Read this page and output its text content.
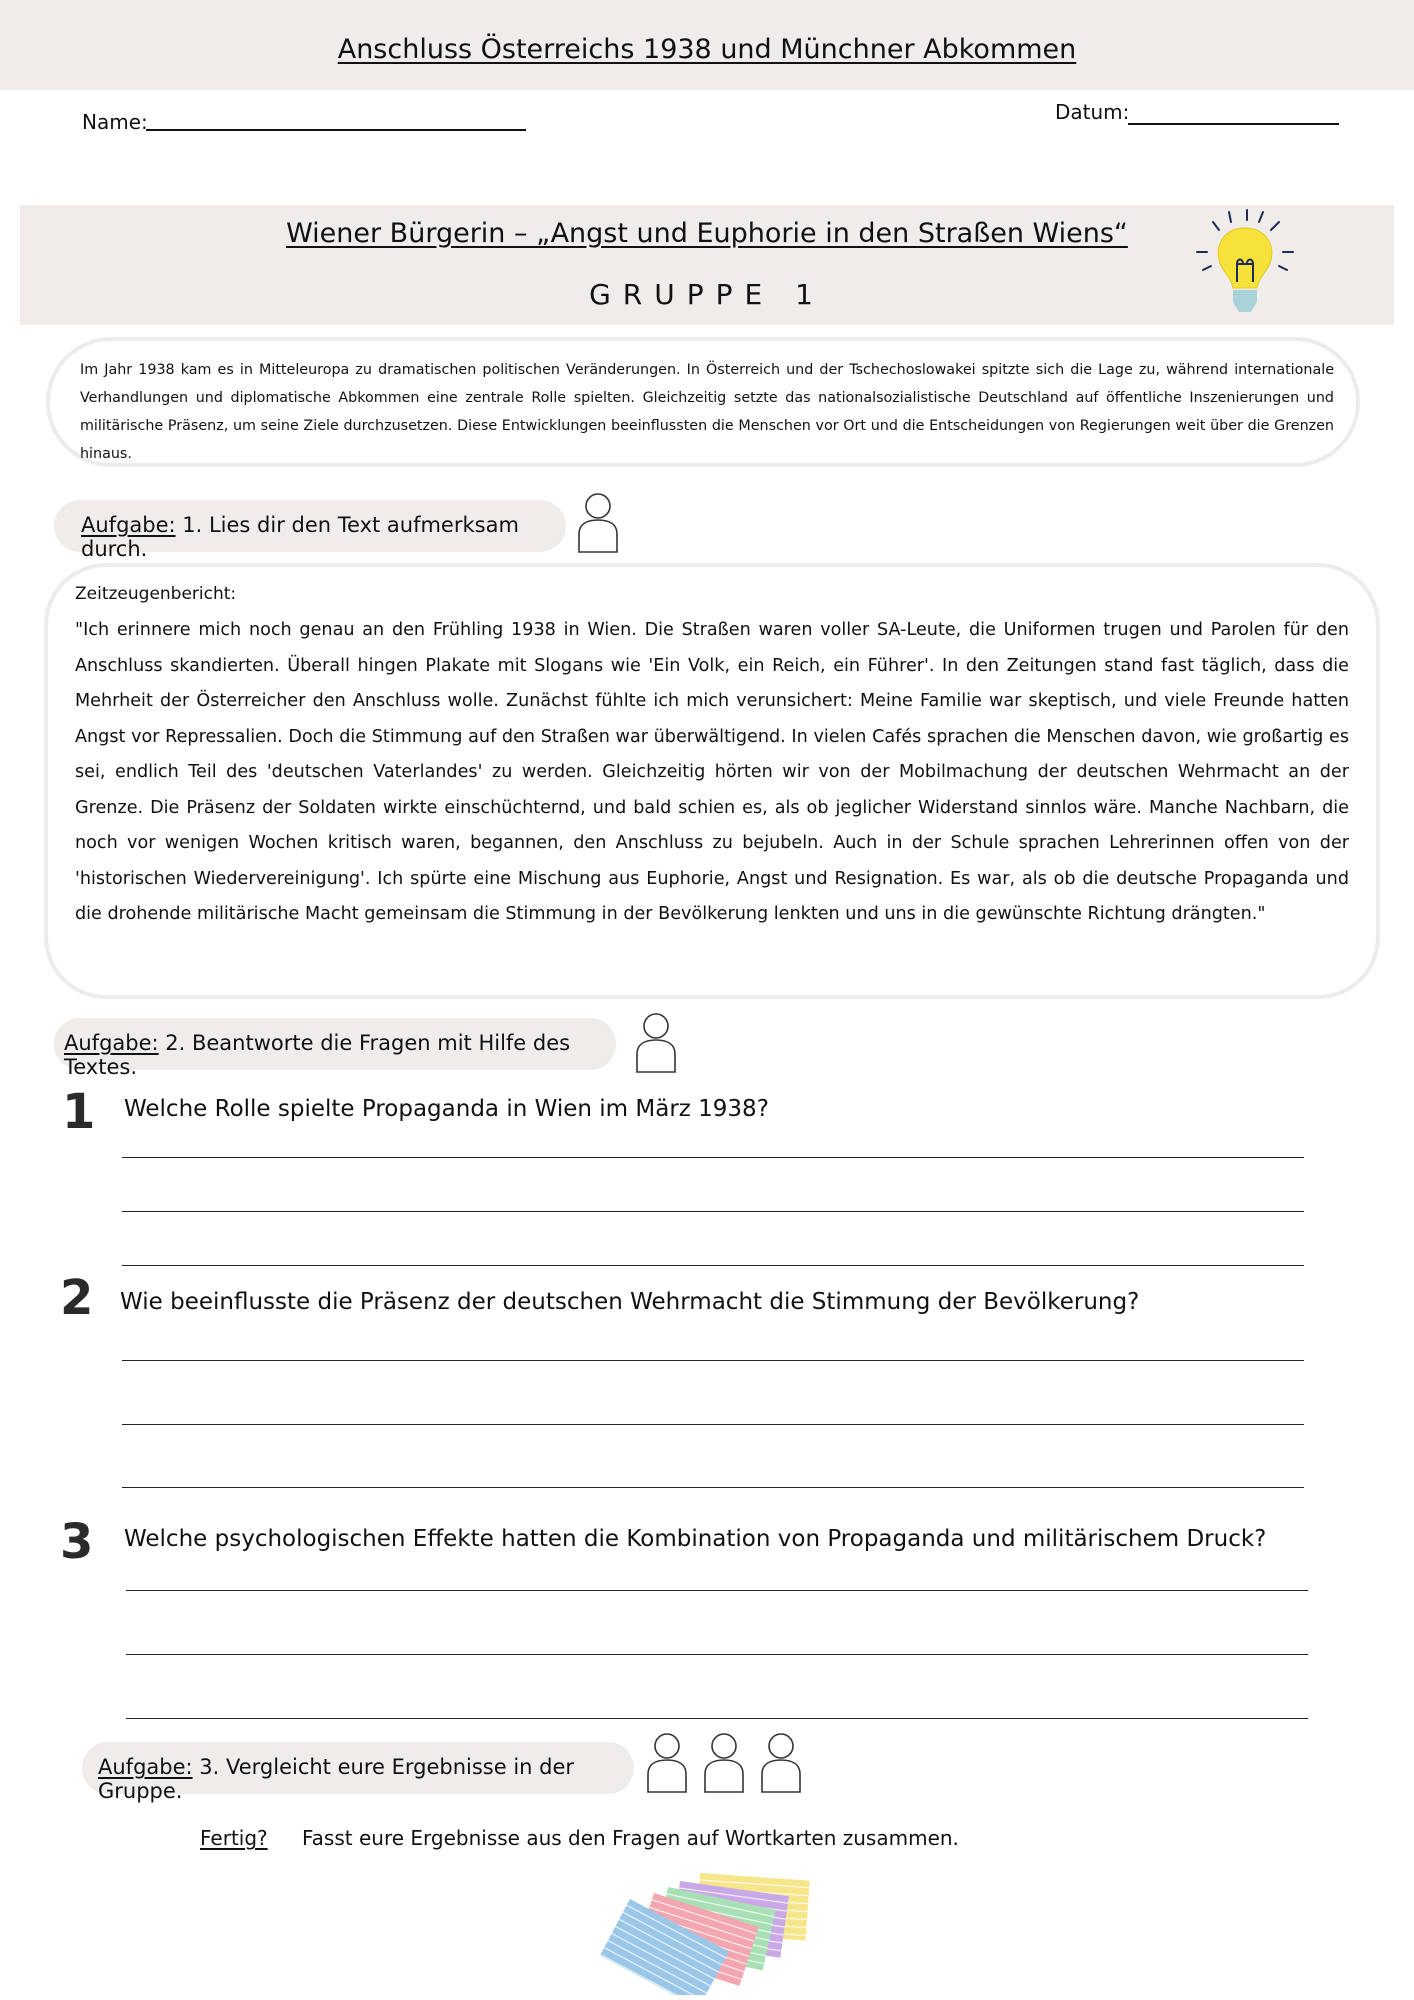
Anschluss Österreichs 1938 und Münchner Abkommen
Name:	Datum:
Wiener Bürgerin – „Angst und Euphorie in den Straßen Wiens“
GRUPPE 1
Im Jahr 1938 kam es in Mitteleuropa zu dramatischen politischen Veränderungen. In Österreich und der Tschechoslowakei spitzte sich die Lage zu, während internationale Verhandlungen und diplomatische Abkommen eine zentrale Rolle spielten. Gleichzeitig setzte das nationalsozialistische Deutschland auf öffentliche Inszenierungen und militärische Präsenz, um seine Ziele durchzusetzen. Diese Entwicklungen beeinflussten die Menschen vor Ort und die Entscheidungen von Regierungen weit über die Grenzen hinaus.
Aufgabe: 1. Lies dir den Text aufmerksam durch.
Zeitzeugenbericht:
"Ich erinnere mich noch genau an den Frühling 1938 in Wien. Die Straßen waren voller SA-Leute, die Uniformen trugen und Parolen für den Anschluss skandierten. Überall hingen Plakate mit Slogans wie 'Ein Volk, ein Reich, ein Führer'. In den Zeitungen stand fast täglich, dass die Mehrheit der Österreicher den Anschluss wolle. Zunächst fühlte ich mich verunsichert: Meine Familie war skeptisch, und viele Freunde hatten Angst vor Repressalien. Doch die Stimmung auf den Straßen war überwältigend. In vielen Cafés sprachen die Menschen davon, wie großartig es sei, endlich Teil des 'deutschen Vaterlandes' zu werden. Gleichzeitig hörten wir von der Mobilmachung der deutschen Wehrmacht an der Grenze. Die Präsenz der Soldaten wirkte einschüchternd, und bald schien es, als ob jeglicher Widerstand sinnlos wäre. Manche Nachbarn, die noch vor wenigen Wochen kritisch waren, begannen, den Anschluss zu bejubeln. Auch in der Schule sprachen Lehrerinnen offen von der 'historischen Wiedervereinigung'. Ich spürte eine Mischung aus Euphorie, Angst und Resignation. Es war, als ob die deutsche Propaganda und die drohende militärische Macht gemeinsam die Stimmung in der Bevölkerung lenkten und uns in die gewünschte Richtung drängten."
Aufgabe: 2. Beantworte die Fragen mit Hilfe des Textes.
1 Welche Rolle spielte Propaganda in Wien im März 1938?
2 Wie beeinflusste die Präsenz der deutschen Wehrmacht die Stimmung der Bevölkerung?
3 Welche psychologischen Effekte hatten die Kombination von Propaganda und militärischem Druck?
Aufgabe: 3. Vergleicht eure Ergebnisse in der Gruppe.
Fertig? Fasst eure Ergebnisse aus den Fragen auf Wortkarten zusammen.
